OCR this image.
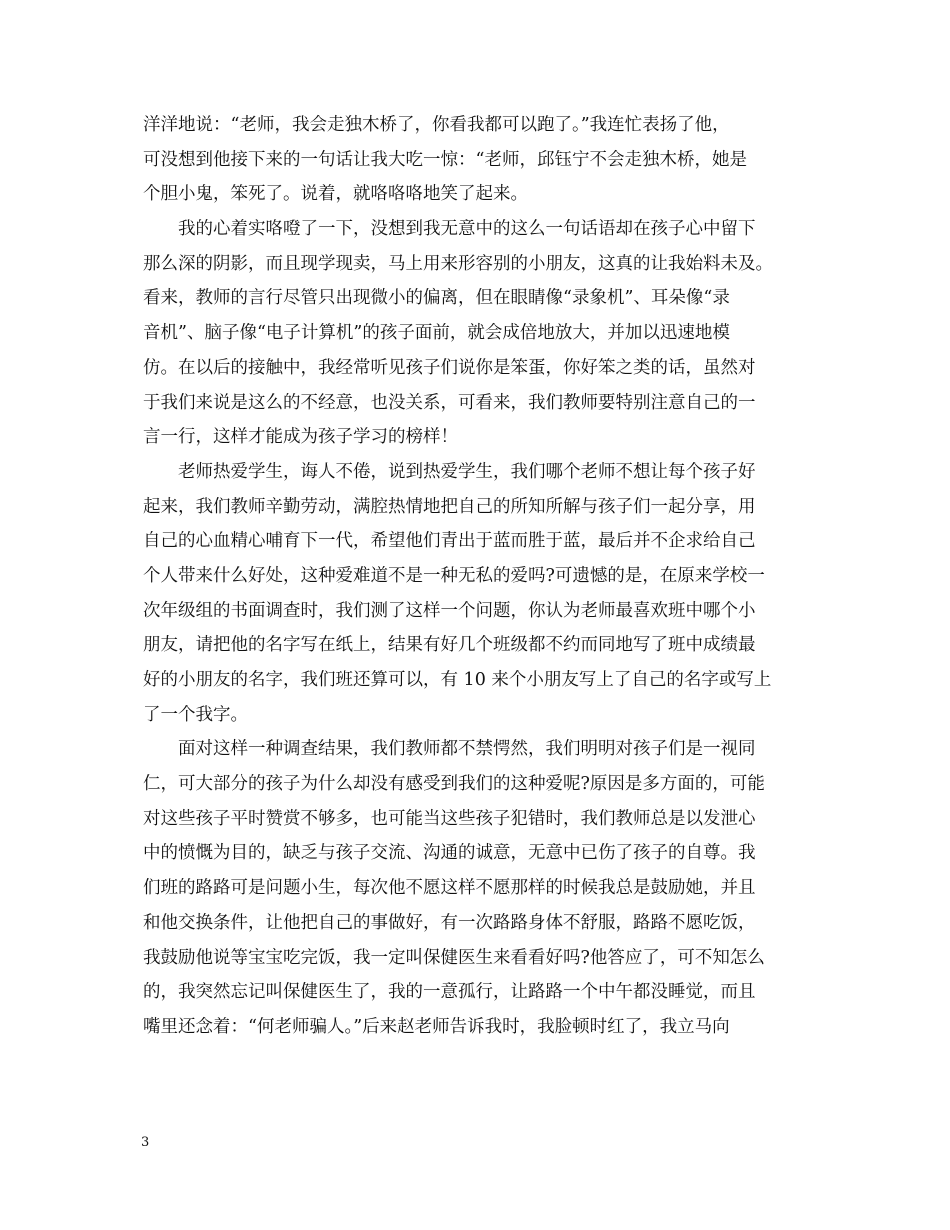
洋洋地说：“老师，我会走独木桥了，你看我都可以跑了。”我连忙表扬了他，
可没想到他接下来的一句话让我大吃一惊：“老师，邱钰宁不会走独木桥，她是
个胆小鬼，笨死了。说着，就咯咯咯地笑了起来。
我的心着实咯噔了一下，没想到我无意中的这么一句话语却在孩子心中留下
那么深的阴影，而且现学现卖，马上用来形容别的小朋友，这真的让我始料未及。
看来，教师的言行尽管只出现微小的偏离，但在眼睛像“录象机”、耳朵像“录
音机”、脑子像“电子计算机”的孩子面前，就会成倍地放大，并加以迅速地模
仿。在以后的接触中，我经常听见孩子们说你是笨蛋，你好笨之类的话，虽然对
于我们来说是这么的不经意，也没关系，可看来，我们教师要特别注意自己的一
言一行，这样才能成为孩子学习的榜样！
老师热爱学生，诲人不倦，说到热爱学生，我们哪个老师不想让每个孩子好
起来，我们教师辛勤劳动，满腔热情地把自己的所知所解与孩子们一起分享，用
自己的心血精心哺育下一代，希望他们青出于蓝而胜于蓝，最后并不企求给自己
个人带来什么好处，这种爱难道不是一种无私的爱吗?可遗憾的是，在原来学校一
次年级组的书面调查时，我们测了这样一个问题，你认为老师最喜欢班中哪个小
朋友，请把他的名字写在纸上，结果有好几个班级都不约而同地写了班中成绩最
好的小朋友的名字，我们班还算可以，有 10 来个小朋友写上了自己的名字或写上
了一个我字。
面对这样一种调查结果，我们教师都不禁愕然，我们明明对孩子们是一视同
仁，可大部分的孩子为什么却没有感受到我们的这种爱呢?原因是多方面的，可能
对这些孩子平时赞赏不够多，也可能当这些孩子犯错时，我们教师总是以发泄心
中的愤慨为目的，缺乏与孩子交流、沟通的诚意，无意中已伤了孩子的自尊。我
们班的路路可是问题小生，每次他不愿这样不愿那样的时候我总是鼓励她，并且
和他交换条件，让他把自己的事做好，有一次路路身体不舒服，路路不愿吃饭，
我鼓励他说等宝宝吃完饭，我一定叫保健医生来看看好吗?他答应了，可不知怎么
的，我突然忘记叫保健医生了，我的一意孤行，让路路一个中午都没睡觉，而且
嘴里还念着：“何老师骗人。”后来赵老师告诉我时，我脸顿时红了，我立马向
3
